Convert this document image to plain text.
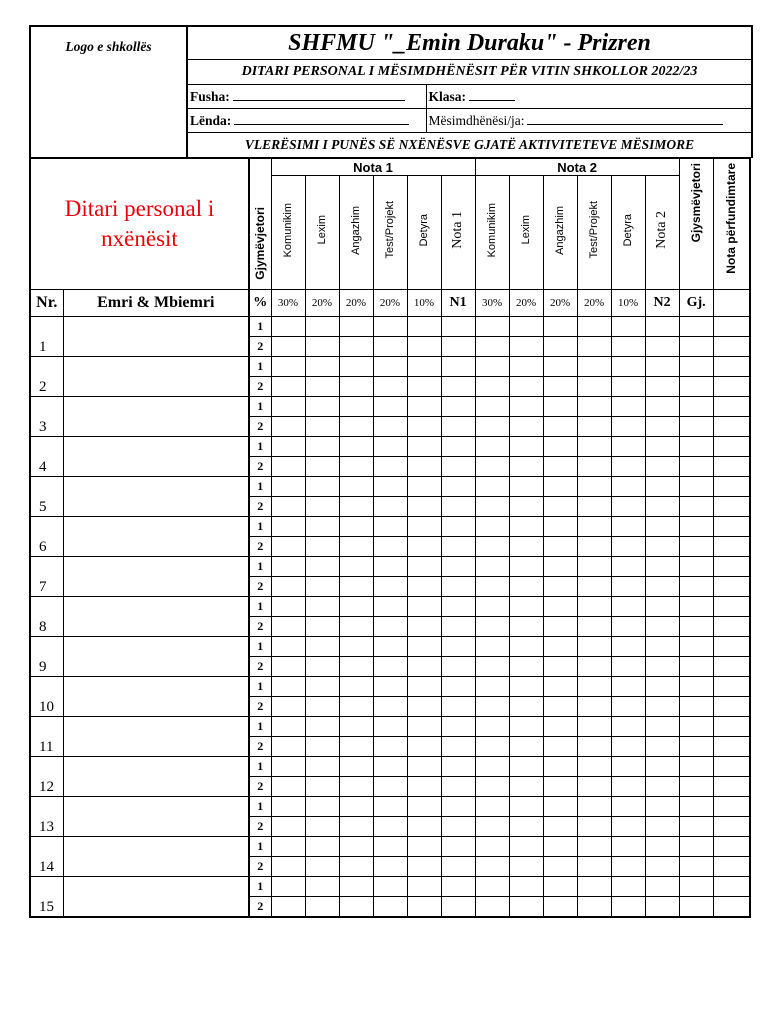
Logo e shkollës	SHFMU "_Emin Duraku" - Prizren	
	DITARI PERSONAL I MËSIMDHËNËSIT PËR VITIN SHKOLLOR 2022/23	
	Fusha:	Klasa:
	Lënda:	Mësimdhënësi/ja:
	VLERËSIMI I PUNËS SË NXËNËSVE GJATË AKTIVITETEVE MËSIMORE	
Ditari personal i nxënësit		Gjymëvjetori	Nota 1						Nota 2						Gjysmëvjetori	Nota përfundimtare
			Komunikim	Lexim	Angazhim	Test/Projekt	Detyra	Nota 1	Komunikim	Lexim	Angazhim	Test/Projekt	Detyra	Nota 2		
Nr.	Emri & Mbiemri	%	30%	20%	20%	20%	10%	N1	30%	20%	20%	20%	10%	N2	Gj.	
1		1														
		2														
2		1														
		2														
3		1														
		2														
4		1														
		2														
5		1														
		2														
6		1														
		2														
7		1														
		2														
8		1														
		2														
9		1														
		2														
10		1														
		2														
11		1														
		2														
12		1														
		2														
13		1														
		2														
14		1														
		2														
15		1														
		2														
